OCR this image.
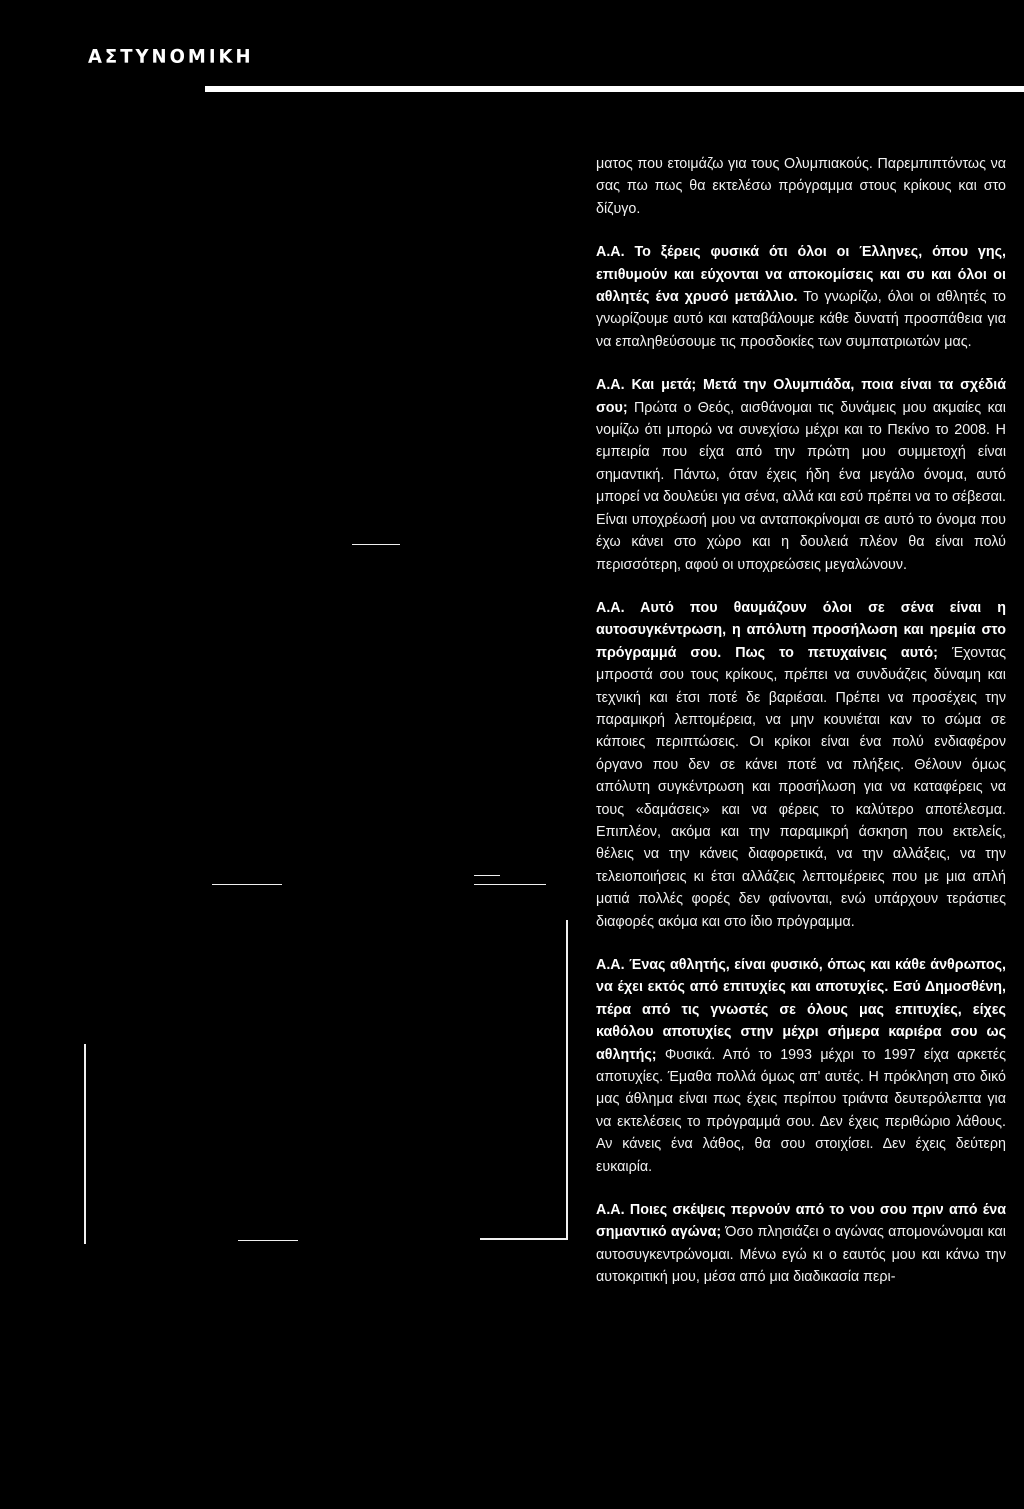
ΑΣΤΥΝΟΜΙΚΗ

ματος που ετοιμάζω για τους Ολυμπιακούς. Παρεμπιπτόντως να σας πω πως θα εκτελέσω πρόγραμμα στους κρίκους και στο δίζυγο.

Α.Α. Το ξέρεις φυσικά ότι όλοι οι Έλληνες, όπου γης, επιθυμούν και εύχονται να αποκομίσεις και συ και όλοι οι αθλητές ένα χρυσό μετάλλιο. Το γνωρίζω, όλοι οι αθλητές το γνωρίζουμε αυτό και καταβάλουμε κάθε δυνατή προσπάθεια για να επαληθεύσουμε τις προσδοκίες των συμπατριωτών μας.

Α.Α. Και μετά; Μετά την Ολυμπιάδα, ποια είναι τα σχέδιά σου; Πρώτα ο Θεός, αισθάνομαι τις δυνάμεις μου ακμαίες και νομίζω ότι μπορώ να συνεχίσω μέχρι και το Πεκίνο το 2008. Η εμπειρία που είχα από την πρώτη μου συμμετοχή είναι σημαντική. Πάντω, όταν έχεις ήδη ένα μεγάλο όνομα, αυτό μπορεί να δουλεύει για σένα, αλλά και εσύ πρέπει να το σέβεσαι. Είναι υποχρέωσή μου να ανταποκρίνομαι σε αυτό το όνομα που έχω κάνει στο χώρο και η δουλειά πλέον θα είναι πολύ περισσότερη, αφού οι υποχρεώσεις μεγαλώνουν.

Α.Α. Αυτό που θαυμάζουν όλοι σε σένα είναι η αυτοσυγκέντρωση, η απόλυτη προσήλωση και ηρεμία στο πρόγραμμά σου. Πως το πετυχαίνεις αυτό; Έχοντας μπροστά σου τους κρίκους, πρέπει να συνδυάζεις δύναμη και τεχνική και έτσι ποτέ δε βαριέσαι. Πρέπει να προσέχεις την παραμικρή λεπτομέρεια, να μην κουνιέται καν το σώμα σε κάποιες περιπτώσεις. Οι κρίκοι είναι ένα πολύ ενδιαφέρον όργανο που δεν σε κάνει ποτέ να πλήξεις. Θέλουν όμως απόλυτη συγκέντρωση και προσήλωση για να καταφέρεις να τους «δαμάσεις» και να φέρεις το καλύτερο αποτέλεσμα. Επιπλέον, ακόμα και την παραμικρή άσκηση που εκτελείς, θέλεις να την κάνεις διαφορετικά, να την αλλάξεις, να την τελειοποιήσεις κι έτσι αλλάζεις λεπτομέρειες που με μια απλή ματιά πολλές φορές δεν φαίνονται, ενώ υπάρχουν τεράστιες διαφορές ακόμα και στο ίδιο πρόγραμμα.

Α.Α. Ένας αθλητής, είναι φυσικό, όπως και κάθε άνθρωπος, να έχει εκτός από επιτυχίες και αποτυχίες. Εσύ Δημοσθένη, πέρα από τις γνωστές σε όλους μας επιτυχίες, είχες καθόλου αποτυχίες στην μέχρι σήμερα καριέρα σου ως αθλητής; Φυσικά. Από το 1993 μέχρι το 1997 είχα αρκετές αποτυχίες. Έμαθα πολλά όμως απ' αυτές. Η πρόκληση στο δικό μας άθλημα είναι πως έχεις περίπου τριάντα δευτερόλεπτα για να εκτελέσεις το πρόγραμμά σου. Δεν έχεις περιθώριο λάθους. Αν κάνεις ένα λάθος, θα σου στοιχίσει. Δεν έχεις δεύτερη ευκαιρία.

Α.Α. Ποιες σκέψεις περνούν από το νου σου πριν από ένα σημαντικό αγώνα; Όσο πλησιάζει ο αγώνας απομονώνομαι και αυτοσυγκεντρώνομαι. Μένω εγώ κι ο εαυτός μου και κάνω την αυτοκριτική μου, μέσα από μια διαδικασία περι-
